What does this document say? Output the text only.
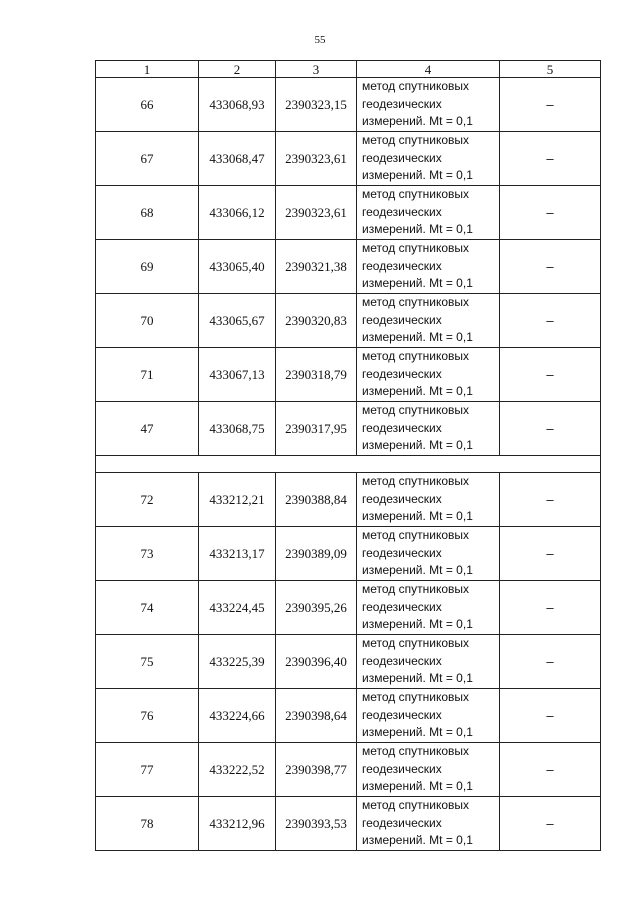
55
1	2	3	4	5
66	433068,93	2390323,15	метод спутниковых
геодезических
измерений. Mt = 0,1	–
67	433068,47	2390323,61	метод спутниковых
геодезических
измерений. Mt = 0,1	–
68	433066,12	2390323,61	метод спутниковых
геодезических
измерений. Mt = 0,1	–
69	433065,40	2390321,38	метод спутниковых
геодезических
измерений. Mt = 0,1	–
70	433065,67	2390320,83	метод спутниковых
геодезических
измерений. Mt = 0,1	–
71	433067,13	2390318,79	метод спутниковых
геодезических
измерений. Mt = 0,1	–
47	433068,75	2390317,95	метод спутниковых
геодезических
измерений. Mt = 0,1	–

72	433212,21	2390388,84	метод спутниковых
геодезических
измерений. Mt = 0,1	–
73	433213,17	2390389,09	метод спутниковых
геодезических
измерений. Mt = 0,1	–
74	433224,45	2390395,26	метод спутниковых
геодезических
измерений. Mt = 0,1	–
75	433225,39	2390396,40	метод спутниковых
геодезических
измерений. Mt = 0,1	–
76	433224,66	2390398,64	метод спутниковых
геодезических
измерений. Mt = 0,1	–
77	433222,52	2390398,77	метод спутниковых
геодезических
измерений. Mt = 0,1	–
78	433212,96	2390393,53	метод спутниковых
геодезических
измерений. Mt = 0,1	–
